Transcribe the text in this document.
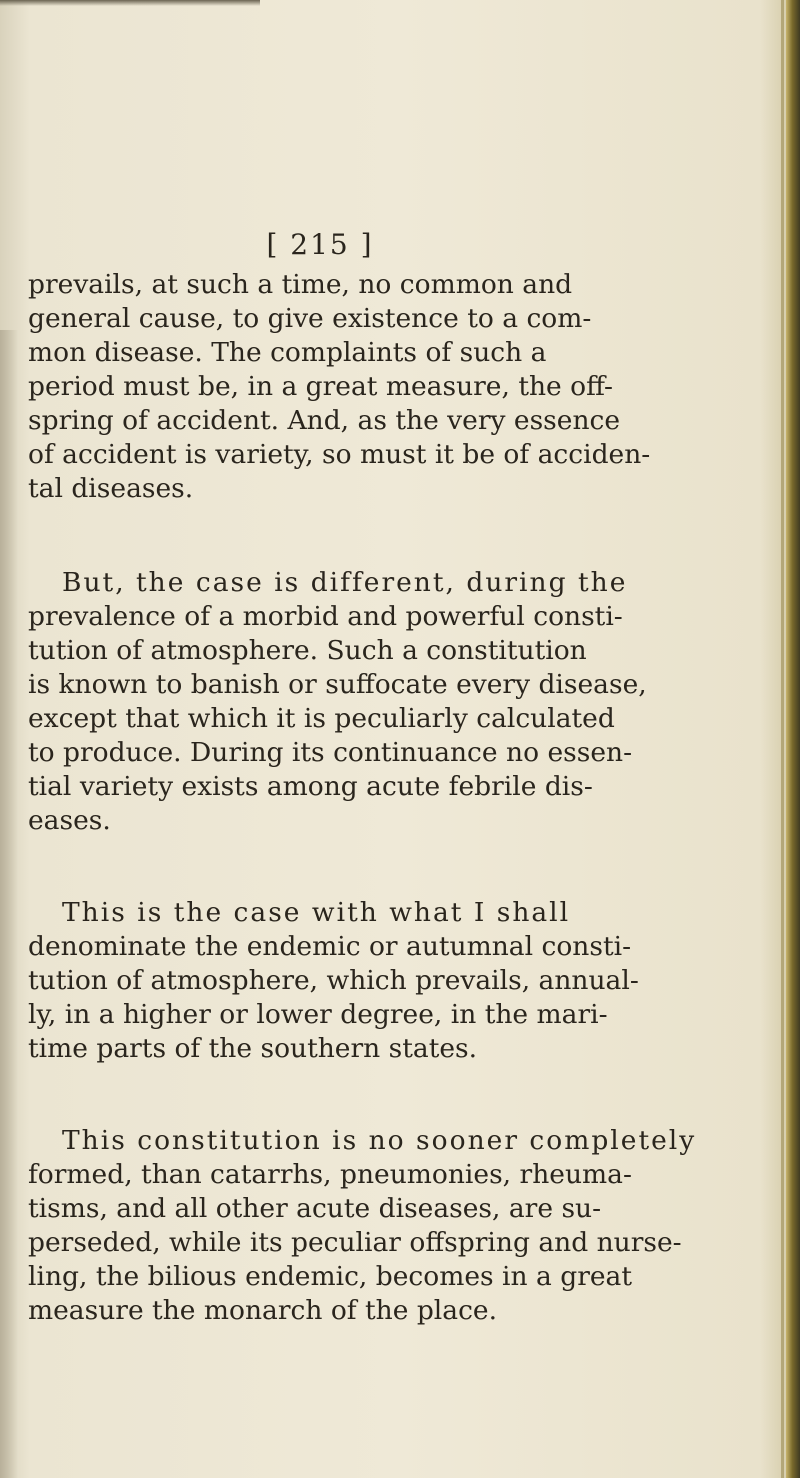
[ 215 ]
prevails, at such a time, no common and
general cause, to give existence to a com-
mon disease. The complaints of such a
period must be, in a great measure, the off-
spring of accident. And, as the very essence
of accident is variety, so must it be of acciden-
tal diseases.
But, the case is different, during the
prevalence of a morbid and powerful consti-
tution of atmosphere. Such a constitution
is known to banish or suffocate every disease,
except that which it is peculiarly calculated
to produce. During its continuance no essen-
tial variety exists among acute febrile dis-
eases.
This is the case with what I shall
denominate the endemic or autumnal consti-
tution of atmosphere, which prevails, annual-
ly, in a higher or lower degree, in the mari-
time parts of the southern states.
This constitution is no sooner completely
formed, than catarrhs, pneumonies, rheuma-
tisms, and all other acute diseases, are su-
perseded, while its peculiar offspring and nurse-
ling, the bilious endemic, becomes in a great
measure the monarch of the place.
